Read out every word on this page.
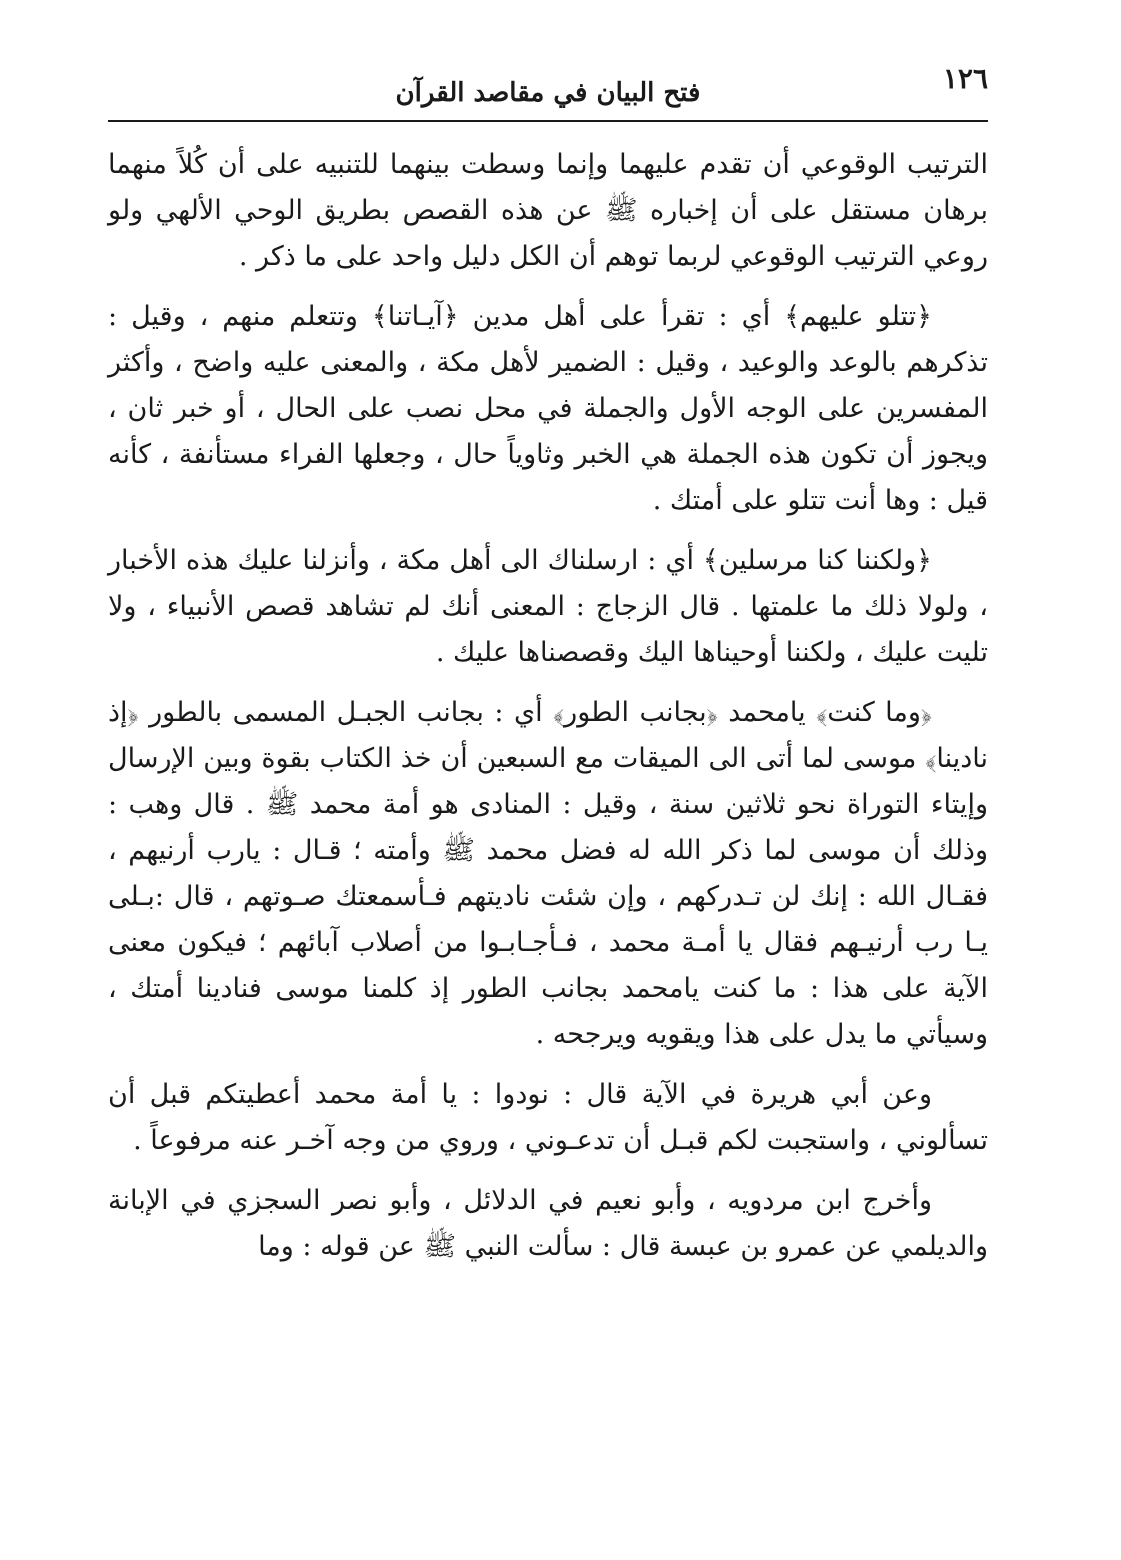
١٢٦
فتح البيان في مقاصد القرآن

الترتيب الوقوعي أن تقدم عليهما وإنما وسطت بينهما للتنبيه على أن كُلاً منهما برهان مستقل على أن إخباره ﷺ عن هذه القصص بطريق الوحي الألهي ولو روعي الترتيب الوقوعي لربما توهم أن الكل دليل واحد على ما ذكر .

﴿تتلو عليهم﴾ أي : تقرأ على أهل مدين ﴿آيـاتنا﴾ وتتعلم منهم ، وقيل : تذكرهم بالوعد والوعيد ، وقيل : الضمير لأهل مكة ، والمعنى عليه واضح ، وأكثر المفسرين على الوجه الأول والجملة في محل نصب على الحال ، أو خبر ثان ، ويجوز أن تكون هذه الجملة هي الخبر وثاوياً حال ، وجعلها الفراء مستأنفة ، كأنه قيل : وها أنت تتلو على أمتك .

﴿ولكننا كنا مرسلين﴾ أي : ارسلناك الى أهل مكة ، وأنزلنا عليك هذه الأخبار ، ولولا ذلك ما علمتها . قال الزجاج : المعنى أنك لم تشاهد قصص الأنبياء ، ولا تليت عليك ، ولكننا أوحيناها اليك وقصصناها عليك .

﴿وما كنت﴾ يامحمد ﴿بجانب الطور﴾ أي : بجانب الجبـل المسمى بالطور ﴿إذ نادينا﴾ موسى لما أتى الى الميقات مع السبعين أن خذ الكتاب بقوة وبين الإرسال وإيتاء التوراة نحو ثلاثين سنة ، وقيل : المنادى هو أمة محمد ﷺ . قال وهب : وذلك أن موسى لما ذكر الله له فضل محمد ﷺ وأمته ؛ قـال : يارب أرنيهم ، فقـال الله : إنك لن تـدركهم ، وإن شئت ناديتهم فـأسمعتك صـوتهم ، قال :بـلى يـا رب أرنيـهم فقال يا أمـة محمد ، فـأجـابـوا من أصلاب آبائهم ؛ فيكون معنى الآية على هذا : ما كنت يامحمد بجانب الطور إذ كلمنا موسى فنادينا أمتك ، وسيأتي ما يدل على هذا ويقويه ويرجحه .

وعن أبي هريرة في الآية قال : نودوا : يا أمة محمد أعطيتكم قبل أن تسألوني ، واستجبت لكم قبـل أن تدعـوني ، وروي من وجه آخـر عنه مرفوعاً .

وأخرج ابن مردويه ، وأبو نعيم في الدلائل ، وأبو نصر السجزي في الإبانة والديلمي عن عمرو بن عبسة قال : سألت النبي ﷺ عن قوله : وما
